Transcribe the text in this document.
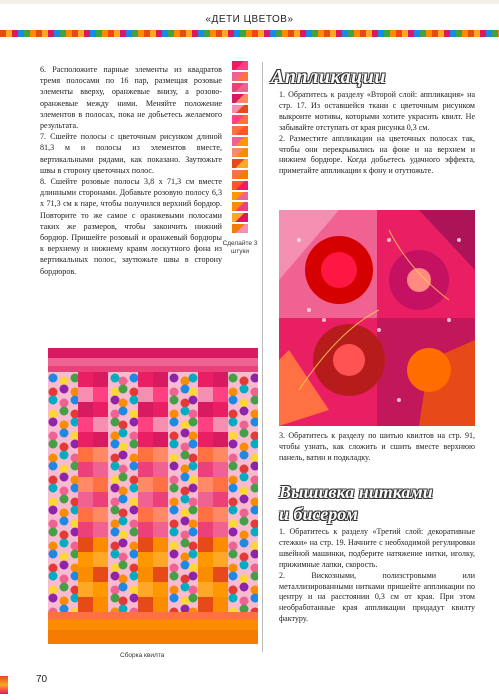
«ДЕТИ ЦВЕТОВ»

6. Расположите парные элементы из квадратов тремя полосами по 16 пар, размещая розовые элементы вверху, оранжевые внизу, а розово-оранжевые между ними. Меняйте положение элементов в полосах, пока не добьетесь желаемого результата.

7. Сшейте полосы с цветочным рисунком длиной 81,3 м и полосы из элементов вместе, вертикальными рядами, как показано. Заутюжьте швы в сторону цветочных полос.

8. Сшейте розовые полосы 3,8 х 71,3 см вместе длинными сторонами. Добавьте розовую полосу 6,3 х 71,3 см к паре, чтобы получился верхний бордюр. Повторите то же самое с оранжевыми полосами таких же размеров, чтобы закончить нижний бордюр. Пришейте розовый и оранжевый бордюры к верхнему и нижнему краям лоскутного фона из вертикальных полос, заутюжьте швы в сторону бордюров.

Сделайте 3 штуки
Аппликации

1. Обратитесь к разделу «Второй слой: аппликация» на стр. 17. Из оставшейся ткани с цветочным рисунком выкроите мотивы, которыми хотите украсить квилт. Не забывайте отступать от края рисунка 0,3 см.

2. Разместите аппликации на цветочных полосах так, чтобы они перекрывались на фоне и на верхнем и нижнем бордюре. Когда добьетесь удачного эффекта, приметайте аппликации к фону и отутюжьте.

3. Обратитесь к разделу по шитью квилтов на стр. 91, чтобы узнать, как сложить и сшить вместе верхнюю панель, ватин и подкладку.

Вышивка нитками
и бисером

1. Обратитесь к разделу «Третий слой: декоративные стежки» на стр. 19. Начните с необходимой регулировки швейной машинки, подберите натяжение нитки, иголку, прижимные лапки, скорость.

2. Вискозными, полиэстровыми или металлизированными нитками пришейте аппликации по центру и на расстоянии 0,3 см от края. При этом необработанные края аппликации придадут квилту фактуру.

Сборка квилта
70
